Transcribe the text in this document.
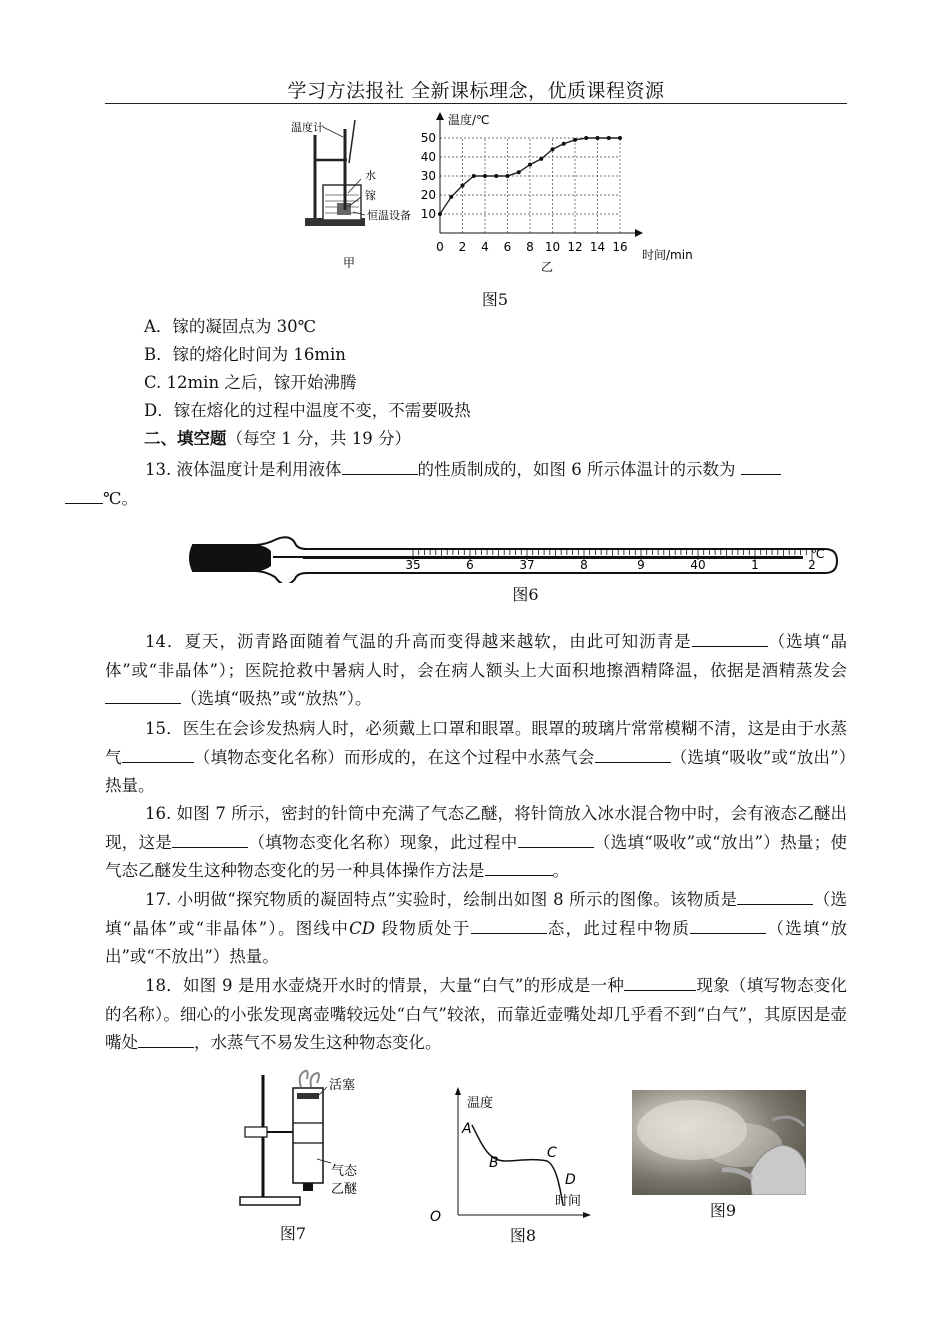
学习方法报社 全新课标理念，优质课程资源
温度计
水
镓
恒温设备
甲
0 2 4 6 8 10 12 14 16
10
20
30
40
50
温度/℃
时间/min
乙
图5
A．镓的凝固点为 30℃
B．镓的熔化时间为 16min
C. 12min 之后，镓开始沸腾
D．镓在熔化的过程中温度不变，不需要吸热
二、填空题（每空 1 分，共 19 分）
13. 液体温度计是利用液体	的性质制成的，如图 6 所示体温计的示数为
℃。
35	6	37	8	9	40	1	2
℃
图6
14．夏天，沥青路面随着气温的升高而变得越来越软，由此可知沥青是	（选填“晶体”或“非晶体”）；医院抢救中暑病人时，会在病人额头上大面积地擦酒精降温，依据是酒精蒸发会（选填“吸热”或“放热”）。
15．医生在会诊发热病人时，必须戴上口罩和眼罩。眼罩的玻璃片常常模糊不清，这是由于水蒸气	（填物态变化名称）而形成的，在这个过程中水蒸气会	（选填“吸收”或“放出”）热量。
16. 如图 7 所示，密封的针筒中充满了气态乙醚，将针筒放入冰水混合物中时，会有液态乙醚出现，这是	（填物态变化名称）现象，此过程中	（选填“吸收”或“放出”）热量；使气态乙醚发生这种物态变化的另一种具体操作方法是	。
17. 小明做“探究物质的凝固特点”实验时，绘制出如图 8 所示的图像。该物质是	（选填“晶体”或“非晶体”）。图线中CD 段物质处于	态，此过程中物质	（选填“放出”或“不放出”）热量。
18．如图 9 是用水壶烧开水时的情景，大量“白气”的形成是一种	现象（填写物态变化的名称）。细心的小张发现离壶嘴较远处“白气”较浓，而靠近壶嘴处却几乎看不到“白气”，其原因是壶嘴处	，水蒸气不易发生这种物态变化。
活塞
气态
乙醚
图7
温度
时间
O
A
B
C
D
图8
图9
